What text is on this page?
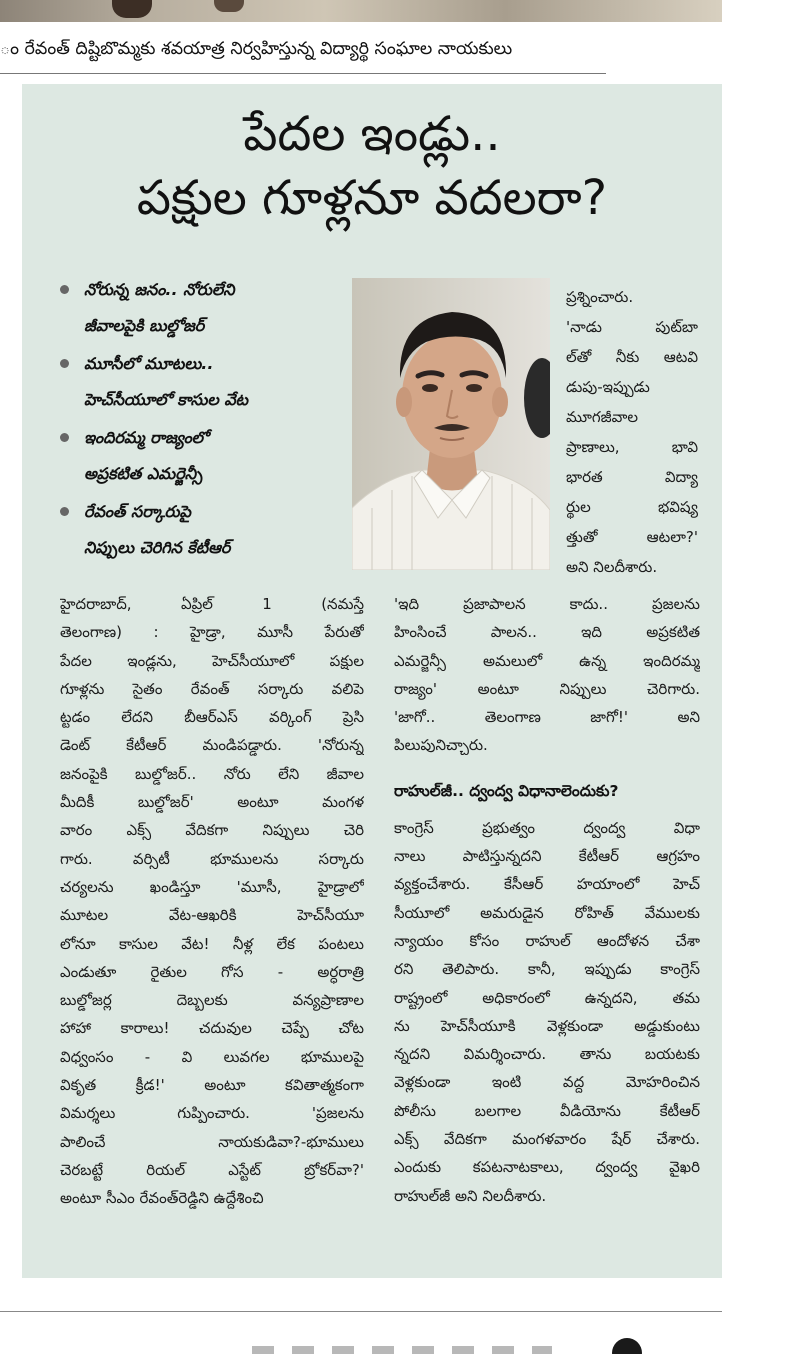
ం రేవంత్ దిష్టిబొమ్మకు శవయాత్ర నిర్వహిస్తున్న విద్యార్థి సంఘాల నాయకులు
పేదల ఇండ్లు..
పక్షుల గూళ్లనూ వదలరా?
నోరున్న జనం.. నోరులేని
జీవాలపైకి బుల్డోజర్
మూసీలో మూటలు..
హెచ్‌సీయూలో కాసుల వేట
ఇందిరమ్మ రాజ్యంలో
అప్రకటిత ఎమర్జెన్సీ
రేవంత్ సర్కారుపై
నిప్పులు చెరిగిన కేటీఆర్
ప్రశ్నించారు.
'నాడు పుట్‌బా
ల్‌తో నీకు ఆటవి
డుపు-ఇప్పుడు
మూగజీవాల
ప్రాణాలు, భావి
భారత విద్యా
ర్థుల భవిష్య
త్తుతో ఆటలా?'
అని నిలదీశారు.
హైదరాబాద్, ఏప్రిల్ 1 (నమస్తే
తెలంగాణ) : హైడ్రా, మూసీ పేరుతో
పేదల ఇండ్లను, హెచ్‌సీయూలో పక్షుల
గూళ్లను సైతం రేవంత్ సర్కారు వలిపె
ట్టడం లేదని బీఆర్‌ఎస్ వర్కింగ్ ప్రెసి
డెంట్ కేటీఆర్ మండిపడ్డారు. 'నోరున్న
జనంపైకి బుల్డోజర్.. నోరు లేని జీవాల
మీదికీ బుల్డోజర్' అంటూ మంగళ
వారం ఎక్స్ వేదికగా నిప్పులు చెరి
గారు. వర్సిటీ భూములను సర్కారు
చర్యలను ఖండిస్తూ 'మూసీ, హైడ్రాలో
మూటల వేట-ఆఖరికి హెచ్‌సీయూ
లోనూ కాసుల వేట! నీళ్ల లేక పంటలు
ఎండుతూ రైతుల గోస - అర్ధరాత్రి
బుల్డోజర్ల దెబ్బలకు వన్యప్రాణాల
హాహా కారాలు! చదువుల చెప్పే చోట
విధ్వంసం - వి లువగల భూములపై
వికృత క్రీడ!' అంటూ కవితాత్మకంగా
విమర్శలు గుప్పించారు. 'ప్రజలను
పాలించే నాయకుడివా?-భూములు
చెరబట్టే రియల్ ఎస్టేట్ బ్రోకర్‌వా?'
అంటూ సీఎం రేవంత్‌రెడ్డిని ఉద్దేశించి
'ఇది ప్రజాపాలన కాదు.. ప్రజలను
హింసించే పాలన.. ఇది అప్రకటిత
ఎమర్జెన్సీ అమలులో ఉన్న ఇందిరమ్మ
రాజ్యం' అంటూ నిప్పులు చెరిగారు.
'జాగో.. తెలంగాణ జాగో!' అని
పిలుపునిచ్చారు.
రాహుల్‌జీ.. ద్వంద్వ విధానాలెందుకు?
కాంగ్రెస్ ప్రభుత్వం ద్వంద్వ విధా
నాలు పాటిస్తున్నదని కేటీఆర్ ఆగ్రహం
వ్యక్తంచేశారు. కేసీఆర్ హయాంలో హెచ్
సీయూలో అమరుడైన రోహిత్ వేములకు
న్యాయం కోసం రాహుల్ ఆందోళన చేశా
రని తెలిపారు. కానీ, ఇప్పుడు కాంగ్రెస్
రాష్ట్రంలో అధికారంలో ఉన్నదని, తమ
ను హెచ్‌సీయూకి వెళ్లకుండా అడ్డుకుంటు
న్నదని విమర్శించారు. తాను బయటకు
వెళ్లకుండా ఇంటి వద్ద మోహరించిన
పోలీసు బలగాల వీడియోను కేటీఆర్
ఎక్స్ వేదికగా మంగళవారం షేర్ చేశారు.
ఎందుకు కపటనాటకాలు, ద్వంద్వ వైఖరి
రాహుల్‌జీ అని నిలదీశారు.
